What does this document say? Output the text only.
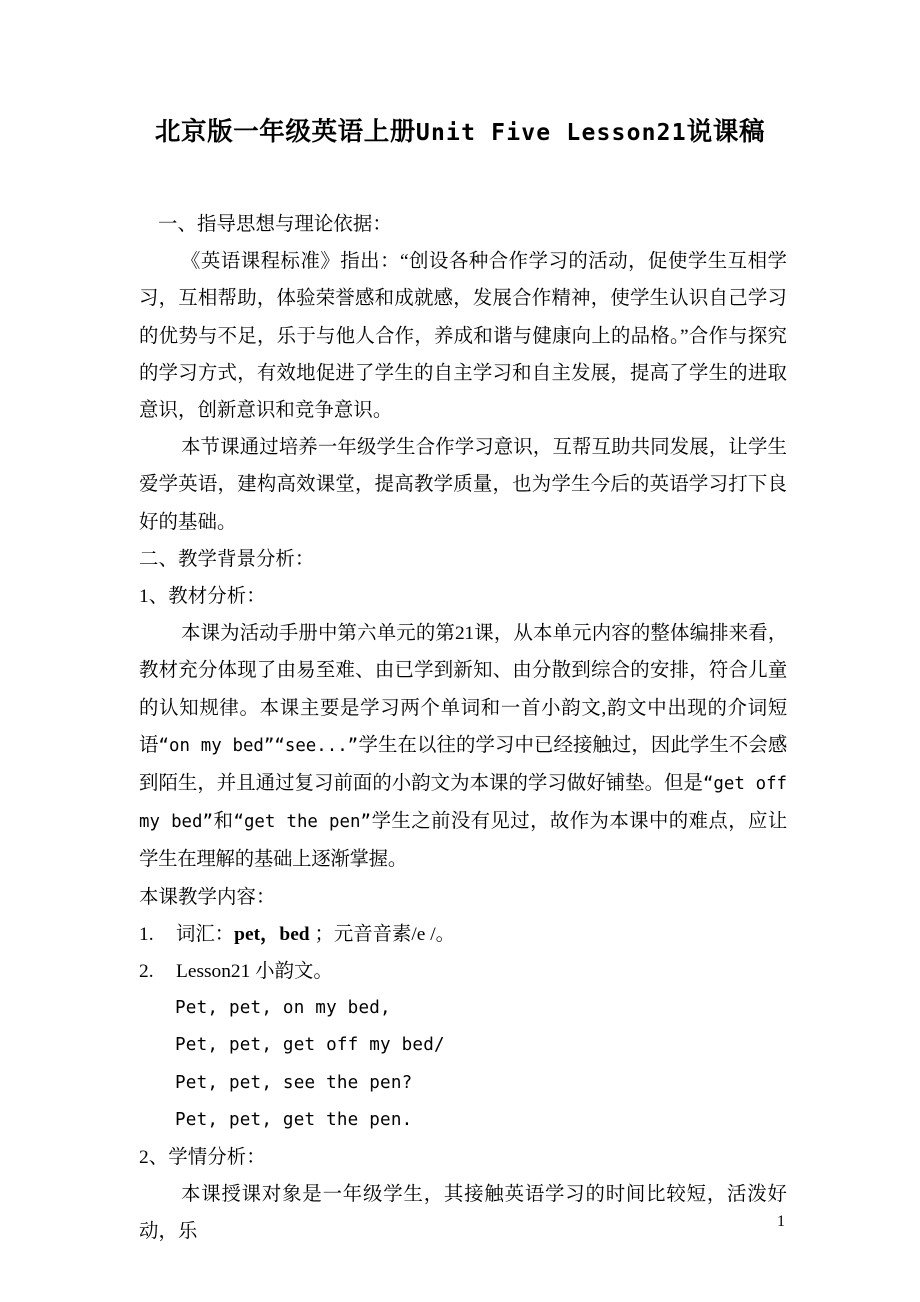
北京版一年级英语上册Unit Five Lesson21说课稿

一、指导思想与理论依据：

《英语课程标准》指出：“创设各种合作学习的活动，促使学生互相学习，互相帮助，体验荣誉感和成就感，发展合作精神，使学生认识自己学习的优势与不足，乐于与他人合作，养成和谐与健康向上的品格。”合作与探究的学习方式，有效地促进了学生的自主学习和自主发展，提高了学生的进取意识，创新意识和竞争意识。

本节课通过培养一年级学生合作学习意识，互帮互助共同发展，让学生爱学英语，建构高效课堂，提高教学质量，也为学生今后的英语学习打下良好的基础。

二、教学背景分析：

1、教材分析：

本课为活动手册中第六单元的第21课，从本单元内容的整体编排来看，教材充分体现了由易至难、由已学到新知、由分散到综合的安排，符合儿童的认知规律。本课主要是学习两个单词和一首小韵文,韵文中出现的介词短语“on my bed”“see...”学生在以往的学习中已经接触过，因此学生不会感到陌生，并且通过复习前面的小韵文为本课的学习做好铺垫。但是“get off my bed”和“get the pen”学生之前没有见过，故作为本课中的难点，应让学生在理解的基础上逐渐掌握。

本课教学内容：

1. 词汇：pet，bed ；元音音素/e /。
2. Lesson21 小韵文。
Pet, pet, on my bed,
Pet, pet, get off my bed/
Pet, pet, see the pen?
Pet, pet, get the pen.

2、学情分析：

本课授课对象是一年级学生，其接触英语学习的时间比较短，活泼好动，乐	1
